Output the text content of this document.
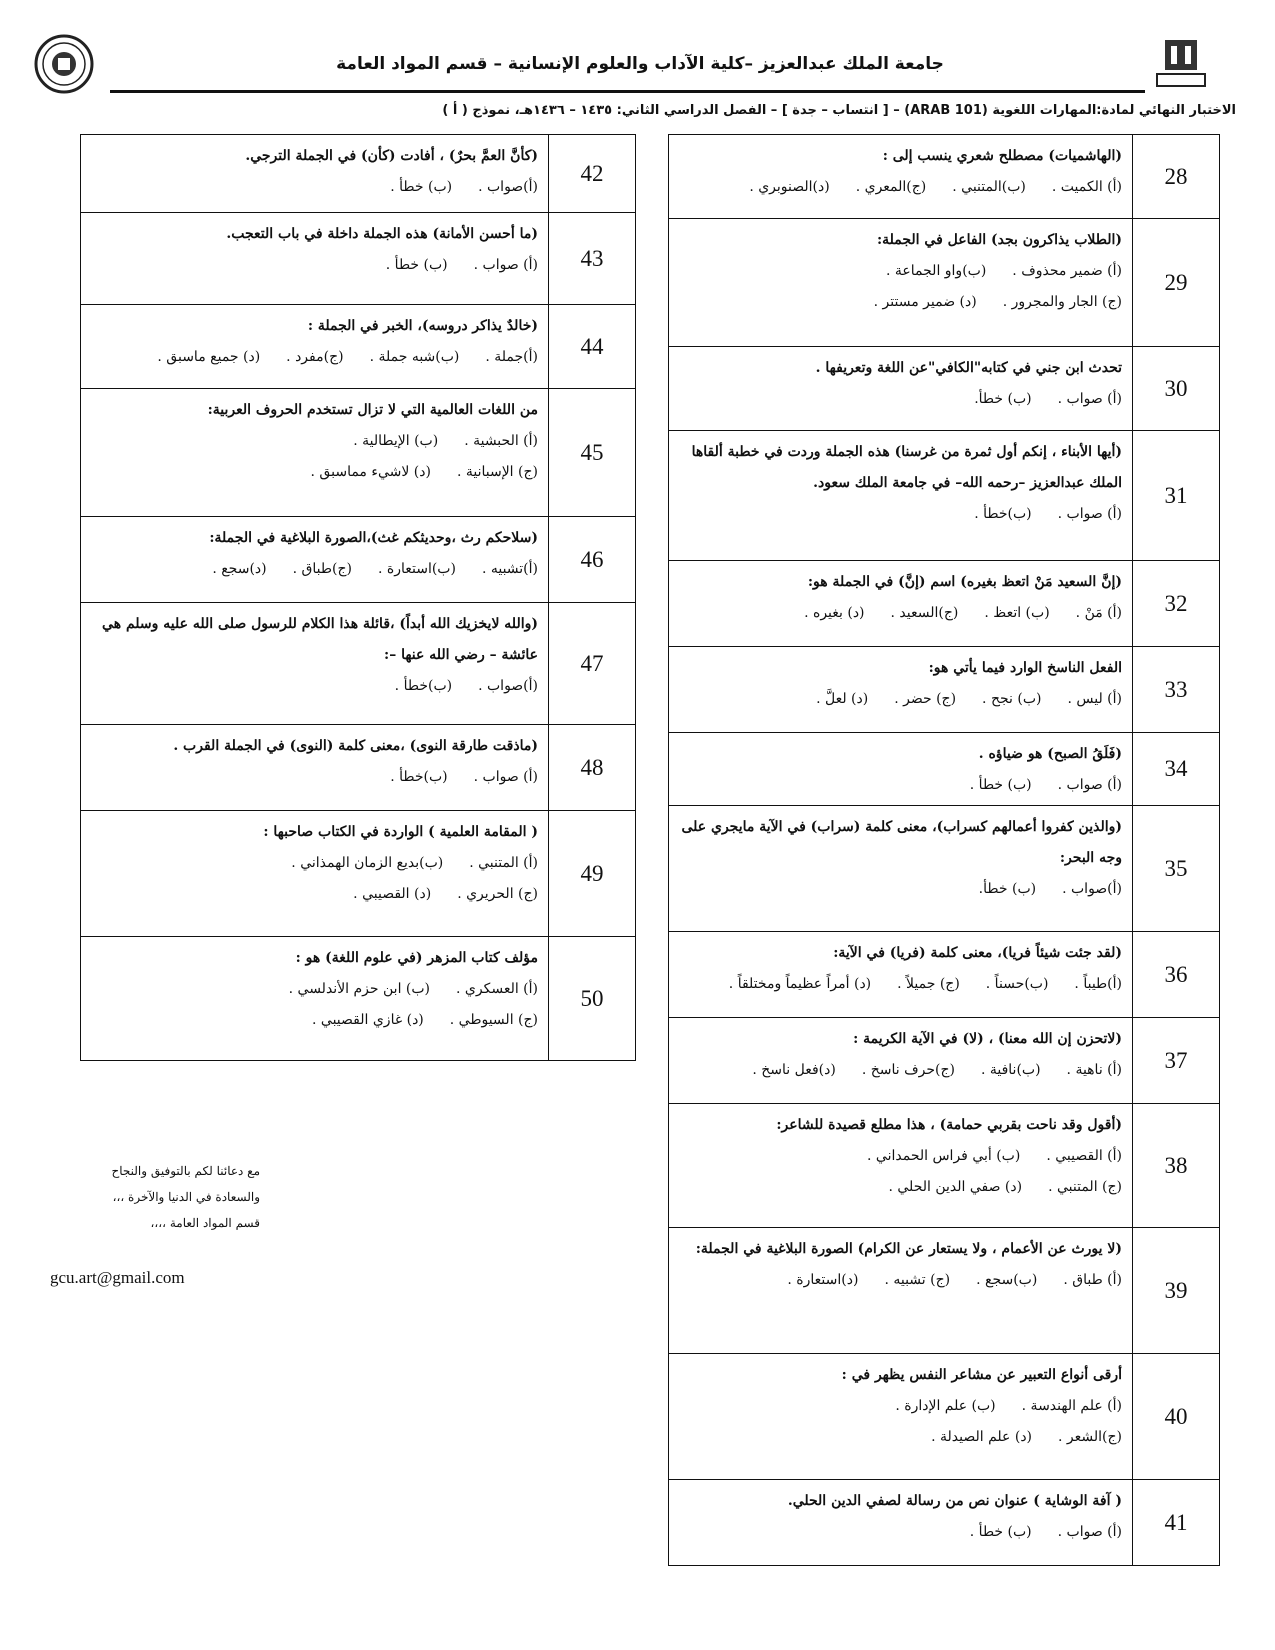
جامعة الملك عبدالعزيز –كلية الآداب والعلوم الإنسانية – قسم المواد العامة
الاختبار النهائي لمادة:المهارات اللغوية (ARAB 101) – [ انتساب – جدة ] – الفصل الدراسي الثاني: ١٤٣٥ – ١٤٣٦هـ، نموذج ( أ )
28	(الهاشميات) مصطلح شعري ينسب إلى :
(أ) الكميت .(ب)المتنبي .(ج)المعري .(د)الصنوبري .

29	(الطلاب يذاكرون بجد) الفاعل في الجملة:
(أ) ضمير محذوف .(ب)واو الجماعة .
(ج) الجار والمجرور .(د) ضمير مستتر .

30	تحدث ابن جني في كتابه"الكافي"عن اللغة وتعريفها .
(أ) صواب .(ب) خطأ.

31	(أيها الأبناء ، إنكم أول ثمرة من غرسنا) هذه الجملة وردت في خطبة ألقاها الملك عبدالعزيز –رحمه الله– في جامعة الملك سعود.
(أ) صواب .(ب)خطأ .

32	(إنَّ السعيد مَنْ اتعظ بغيره) اسم (إنَّ) في الجملة هو:
(أ) مَنْ .(ب) اتعظ .(ج)السعيد .(د) بغيره .

33	الفعل الناسخ الوارد فيما يأتي هو:
(أ) ليس .(ب) نجح .(ج) حضر .(د) لعلَّ .

34	(فَلَقُ الصبح) هو ضياؤه .
(أ) صواب .(ب) خطأ .

35	(والذين كفروا أعمالهم كسراب)، معنى كلمة (سراب) في الآية مايجري على وجه البحر:
(أ)صواب .(ب) خطأ.

36	(لقد جئت شيئاً فريا)، معنى كلمة (فريا) في الآية:
(أ)طيباً .(ب)حسناً .(ج) جميلاً .(د) أمراً عظيماً ومختلقاً .

37	(لاتحزن إن الله معنا) ، (لا) في الآية الكريمة :
(أ) ناهية .(ب)نافية .(ج)حرف ناسخ .(د)فعل ناسخ .

38	(أقول وقد ناحت بقربي حمامة) ، هذا مطلع قصيدة للشاعر:
(أ) القصيبي .(ب) أبي فراس الحمداني .
(ج) المتنبي .(د) صفي الدين الحلي .

39	(لا يورث عن الأعمام ، ولا يستعار عن الكرام) الصورة البلاغية في الجملة:
(أ) طباق .(ب)سجع .(ج) تشبيه .(د)استعارة .

40	أرقى أنواع التعبير عن مشاعر النفس يظهر في :
(أ) علم الهندسة .(ب) علم الإدارة .
(ج)الشعر .(د) علم الصيدلة .

41	( آفة الوشاية ) عنوان نص من رسالة لصفي الدين الحلي.
(أ) صواب .(ب) خطأ .
42	(كأنَّ العمَّ بحرٌ) ، أفادت (كأن) في الجملة الترجي.
(أ)صواب .(ب) خطأ .

43	(ما أحسن الأمانة) هذه الجملة داخلة في باب التعجب.
(أ) صواب .(ب) خطأ .

44	(خالدٌ يذاكر دروسه)، الخبر في الجملة :
(أ)جملة .(ب)شبه جملة .(ج)مفرد .(د) جميع ماسبق .

45	من اللغات العالمية التي لا تزال تستخدم الحروف العربية:
(أ) الحبشية .(ب) الإيطالية .
(ج) الإسبانية .(د) لاشيء مماسبق .

46	(سلاحكم رث ،وحديثكم غث)،الصورة البلاغية في الجملة:
(أ)تشبيه .(ب)استعارة .(ج)طباق .(د)سجع .

47	(والله لايخزيك الله أبداً) ،قائلة هذا الكلام للرسول صلى الله عليه وسلم هي عائشة – رضي الله عنها –:
(أ)صواب .(ب)خطأ .

48	(ماذقت طارقة النوى) ،معنى كلمة (النوى) في الجملة القرب .
(أ) صواب .(ب)خطأ .

49	( المقامة العلمية ) الواردة في الكتاب صاحبها :
(أ) المتنبي .(ب)بديع الزمان الهمذاني .
(ج) الحريري .(د) القصيبي .

50	مؤلف كتاب المزهر (في علوم اللغة) هو :
(أ) العسكري .(ب) ابن حزم الأندلسي .
(ج) السيوطي .(د) غازي القصيبي .
مع دعائنا لكم بالتوفيق والنجاح
والسعادة في الدنيا والآخرة ،،،
قسم المواد العامة ،،،،
gcu.art@gmail.com
